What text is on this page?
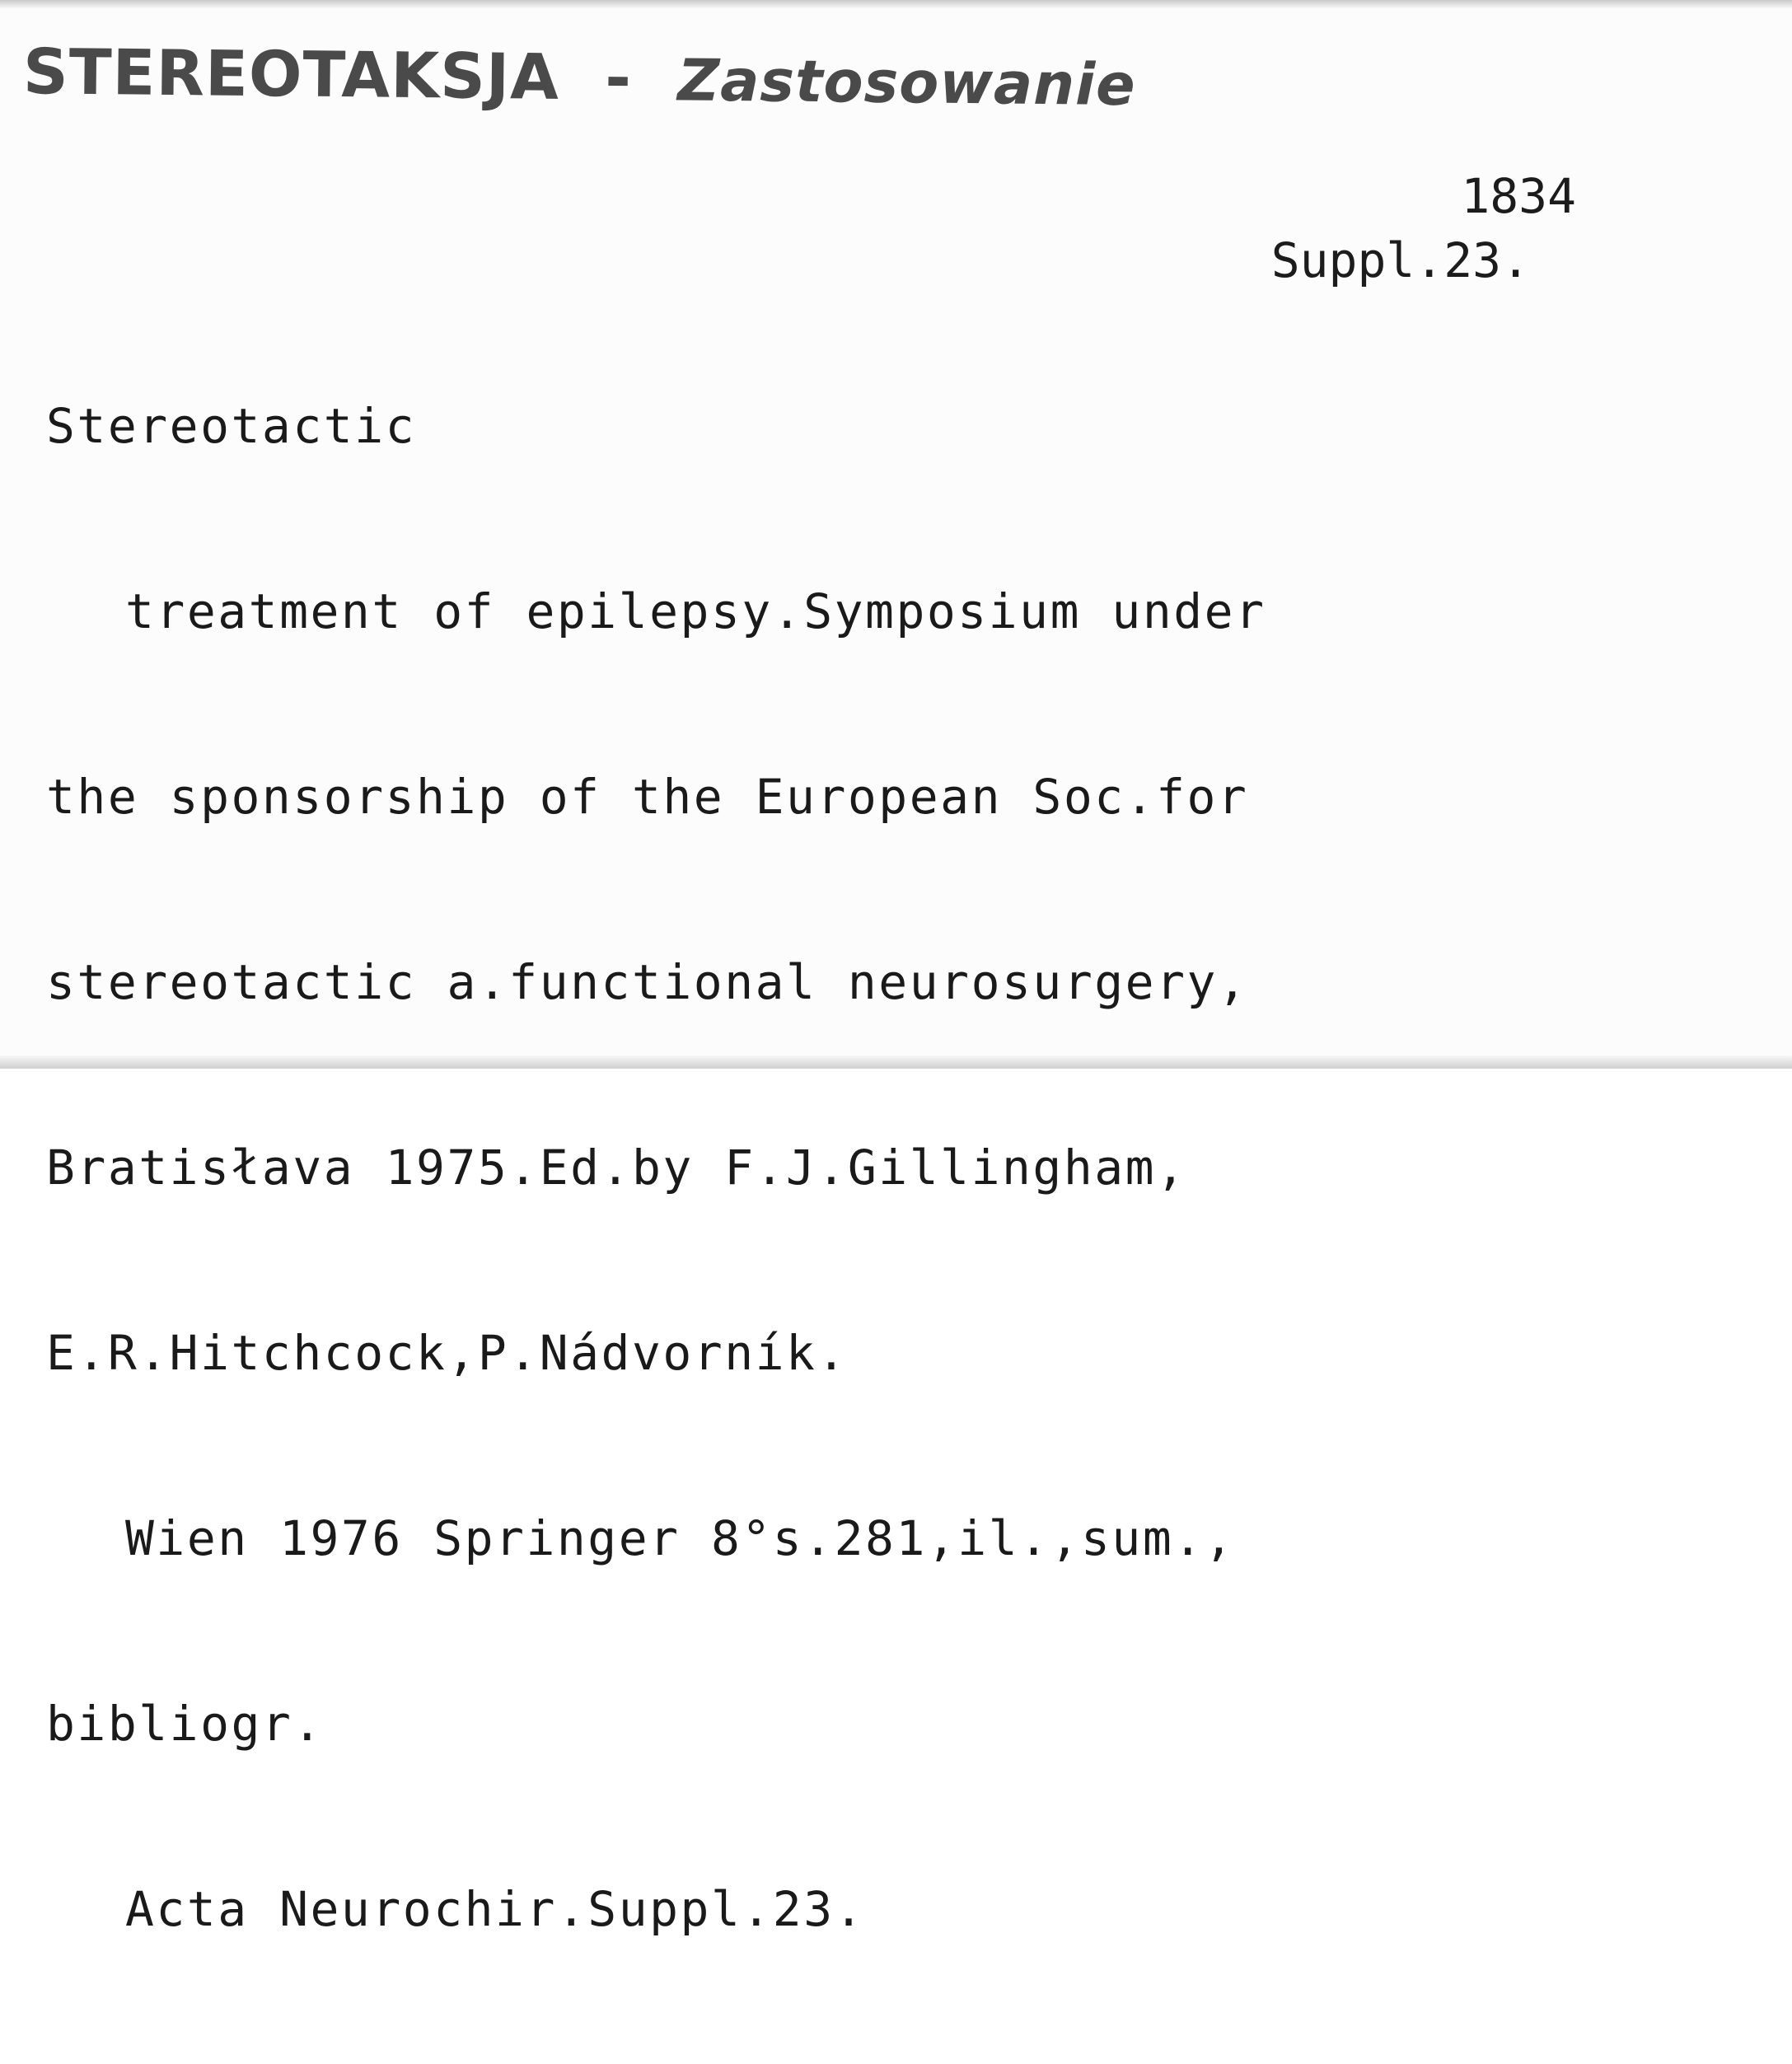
STEREOTAKSJA - Zastosowanie
1834
Suppl.23.

Stereotactic

treatment of epilepsy.Symposium under

the sponsorship of the European Soc.for

stereotactic a.functional neurosurgery,

Bratisłava 1975.Ed.by F.J.Gillingham,

E.R.Hitchcock,P.Nádvorník.

Wien 1976 Springer 8°s.281,il.,sum.,

bibliogr.

Acta Neurochir.Suppl.23.
